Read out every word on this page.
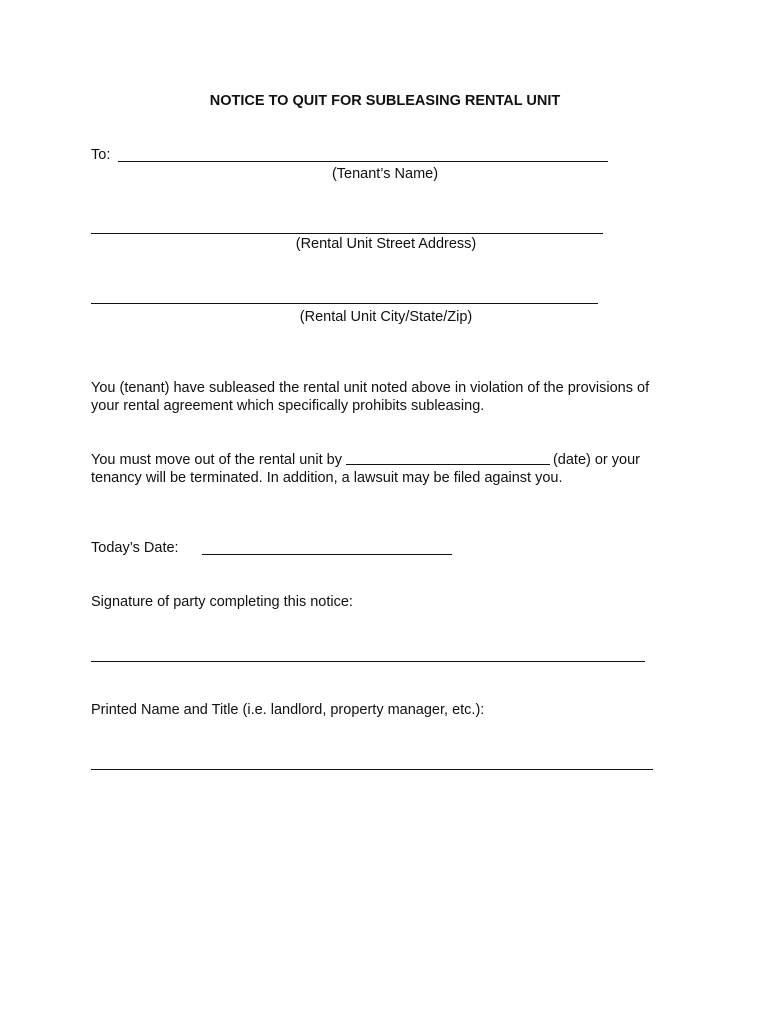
NOTICE TO QUIT FOR SUBLEASING RENTAL UNIT
To:
(Tenant’s Name)
(Rental Unit Street Address)
(Rental Unit City/State/Zip)
You (tenant) have subleased the rental unit noted above in violation of the provisions of
your rental agreement which specifically prohibits subleasing.
You must move out of the rental unit by	(date) or your
tenancy will be terminated. In addition, a lawsuit may be filed against you.
Today’s Date:
Signature of party completing this notice:
Printed Name and Title (i.e. landlord, property manager, etc.):
